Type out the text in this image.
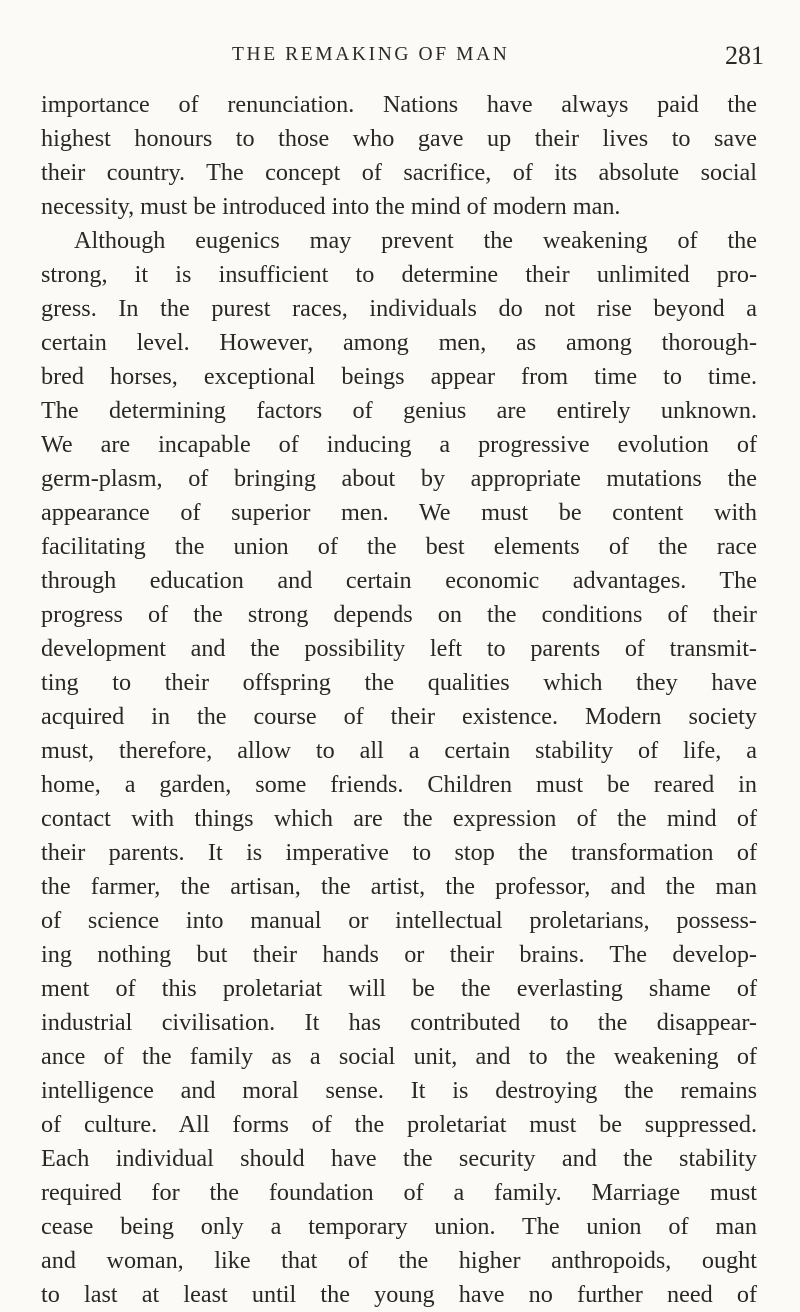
THE REMAKING OF MAN	281
importance of renunciation. Nations have always paid the
highest honours to those who gave up their lives to save
their country. The concept of sacrifice, of its absolute social
necessity, must be introduced into the mind of modern man.
Although eugenics may prevent the weakening of the
strong, it is insufficient to determine their unlimited pro-
gress. In the purest races, individuals do not rise beyond a
certain level. However, among men, as among thorough-
bred horses, exceptional beings appear from time to time.
The determining factors of genius are entirely unknown.
We are incapable of inducing a progressive evolution of
germ-plasm, of bringing about by appropriate mutations the
appearance of superior men. We must be content with
facilitating the union of the best elements of the race
through education and certain economic advantages. The
progress of the strong depends on the conditions of their
development and the possibility left to parents of transmit-
ting to their offspring the qualities which they have
acquired in the course of their existence. Modern society
must, therefore, allow to all a certain stability of life, a
home, a garden, some friends. Children must be reared in
contact with things which are the expression of the mind of
their parents. It is imperative to stop the transformation of
the farmer, the artisan, the artist, the professor, and the man
of science into manual or intellectual proletarians, possess-
ing nothing but their hands or their brains. The develop-
ment of this proletariat will be the everlasting shame of
industrial civilisation. It has contributed to the disappear-
ance of the family as a social unit, and to the weakening of
intelligence and moral sense. It is destroying the remains
of culture. All forms of the proletariat must be suppressed.
Each individual should have the security and the stability
required for the foundation of a family. Marriage must
cease being only a temporary union. The union of man
and woman, like that of the higher anthropoids, ought
to last at least until the young have no further need of
